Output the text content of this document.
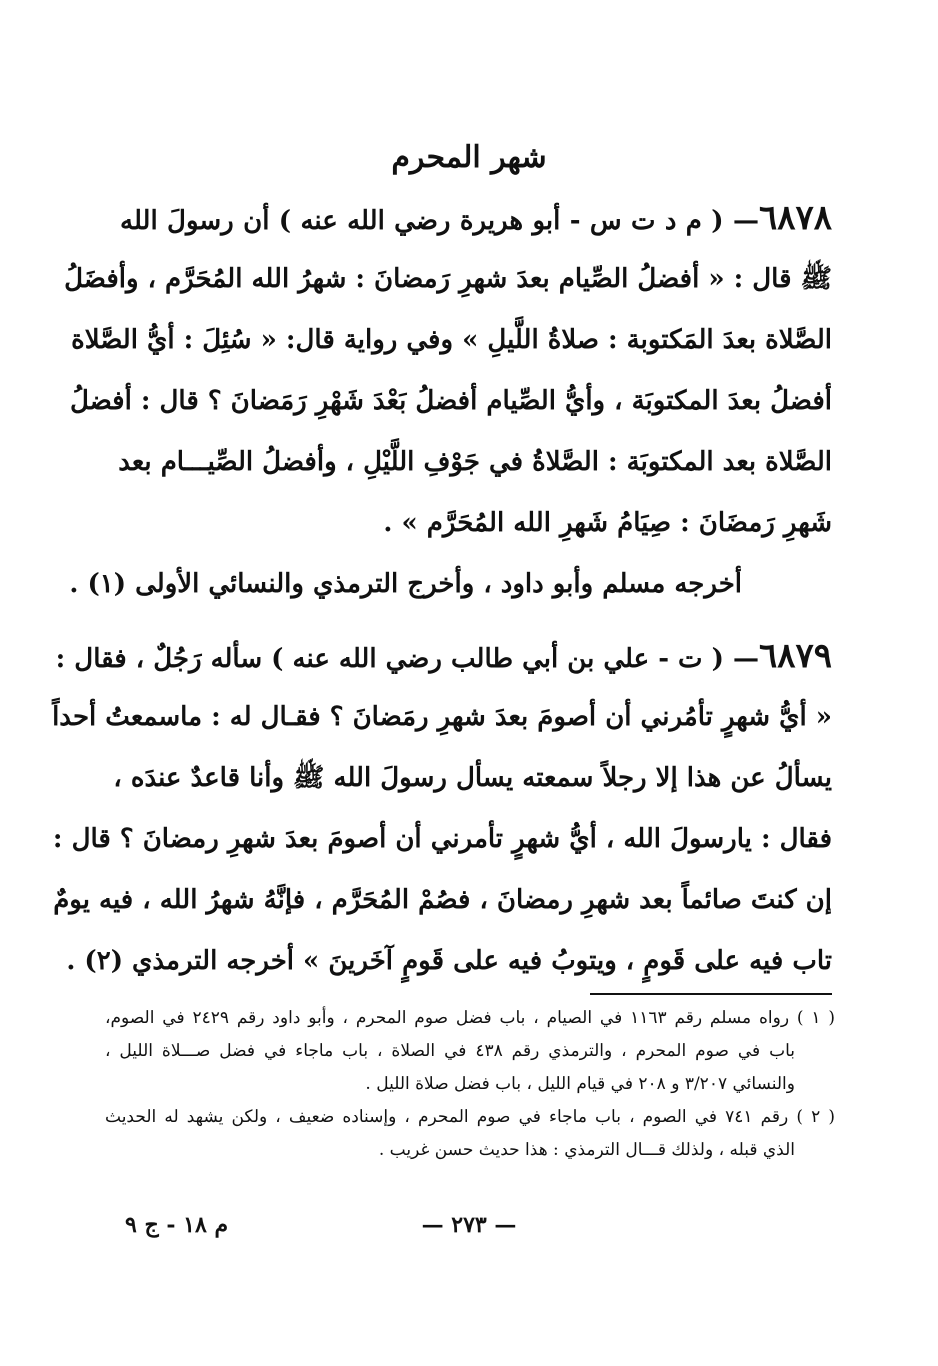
شهر المحرم
٦٨٧٨— ( م د ت س - أبو هريرة رضي الله عنه ) أن رسولَ الله
ﷺ قال : « أفضلُ الصِّيام بعدَ شهرِ رَمضانَ : شهرُ الله المُحَرَّم ، وأفضَلُ
الصَّلاة بعدَ المَكتوبة : صلاةُ اللَّيلِ » وفي رواية قال: « سُئِلَ : أيُّ الصَّلاة
أفضلُ بعدَ المكتوبَة ، وأيُّ الصِّيام أفضلُ بَعْدَ شَهْرِ رَمَضانَ ؟ قال : أفضلُ
الصَّلاة بعد المكتوبَة : الصَّلاةُ في جَوْفِ اللَّيْلِ ، وأفضلُ الصِّيـــام بعد
شَهرِ رَمضَانَ : صِيَامُ شَهرِ الله المُحَرَّم » .
أخرجه مسلم وأبو داود ، وأخرج الترمذي والنسائي الأولى (١) .
٦٨٧٩— ( ت - علي بن أبي طالب رضي الله عنه ) سأله رَجُلٌ ، فقال :
« أيُّ شهرٍ تأمُرني أن أصومَ بعدَ شهرِ رمَضانَ ؟ فقـال له : ماسمعتُ أحداً
يسألُ عن هذا إلا رجلاً سمعته يسأل رسولَ الله ﷺ وأنا قاعدٌ عندَه ،
فقال : يارسولَ الله ، أيُّ شهرٍ تأمرني أن أصومَ بعدَ شهرِ رمضانَ ؟ قال :
إن كنتَ صائماً بعد شهرِ رمضانَ ، فصُمْ المُحَرَّم ، فإنَّهُ شهرُ الله ، فيه يومٌ
تاب فيه على قَومٍ ، ويتوبُ فيه على قَومٍ آخَرينَ » أخرجه الترمذي (٢) .
( ١ ) رواه مسلم رقم ١١٦٣ في الصيام ، باب فضل صوم المحرم ، وأبو داود رقم ٢٤٢٩ في الصوم،
باب في صوم المحرم ، والترمذي رقم ٤٣٨ في الصلاة ، باب ماجاء في فضل صـــلاة الليل ،
والنسائي ٣/٢٠٧ و ٢٠٨ في قيام الليل ، باب فضل صلاة الليل .
( ٢ ) رقم ٧٤١ في الصوم ، باب ماجاء في صوم المحرم ، وإسناده ضعيف ، ولكن يشهد له الحديث
الذي قبله ، ولذلك قـــال الترمذي : هذا حديث حسن غريب .
— ٢٧٣ —
م ١٨ - ج ٩
